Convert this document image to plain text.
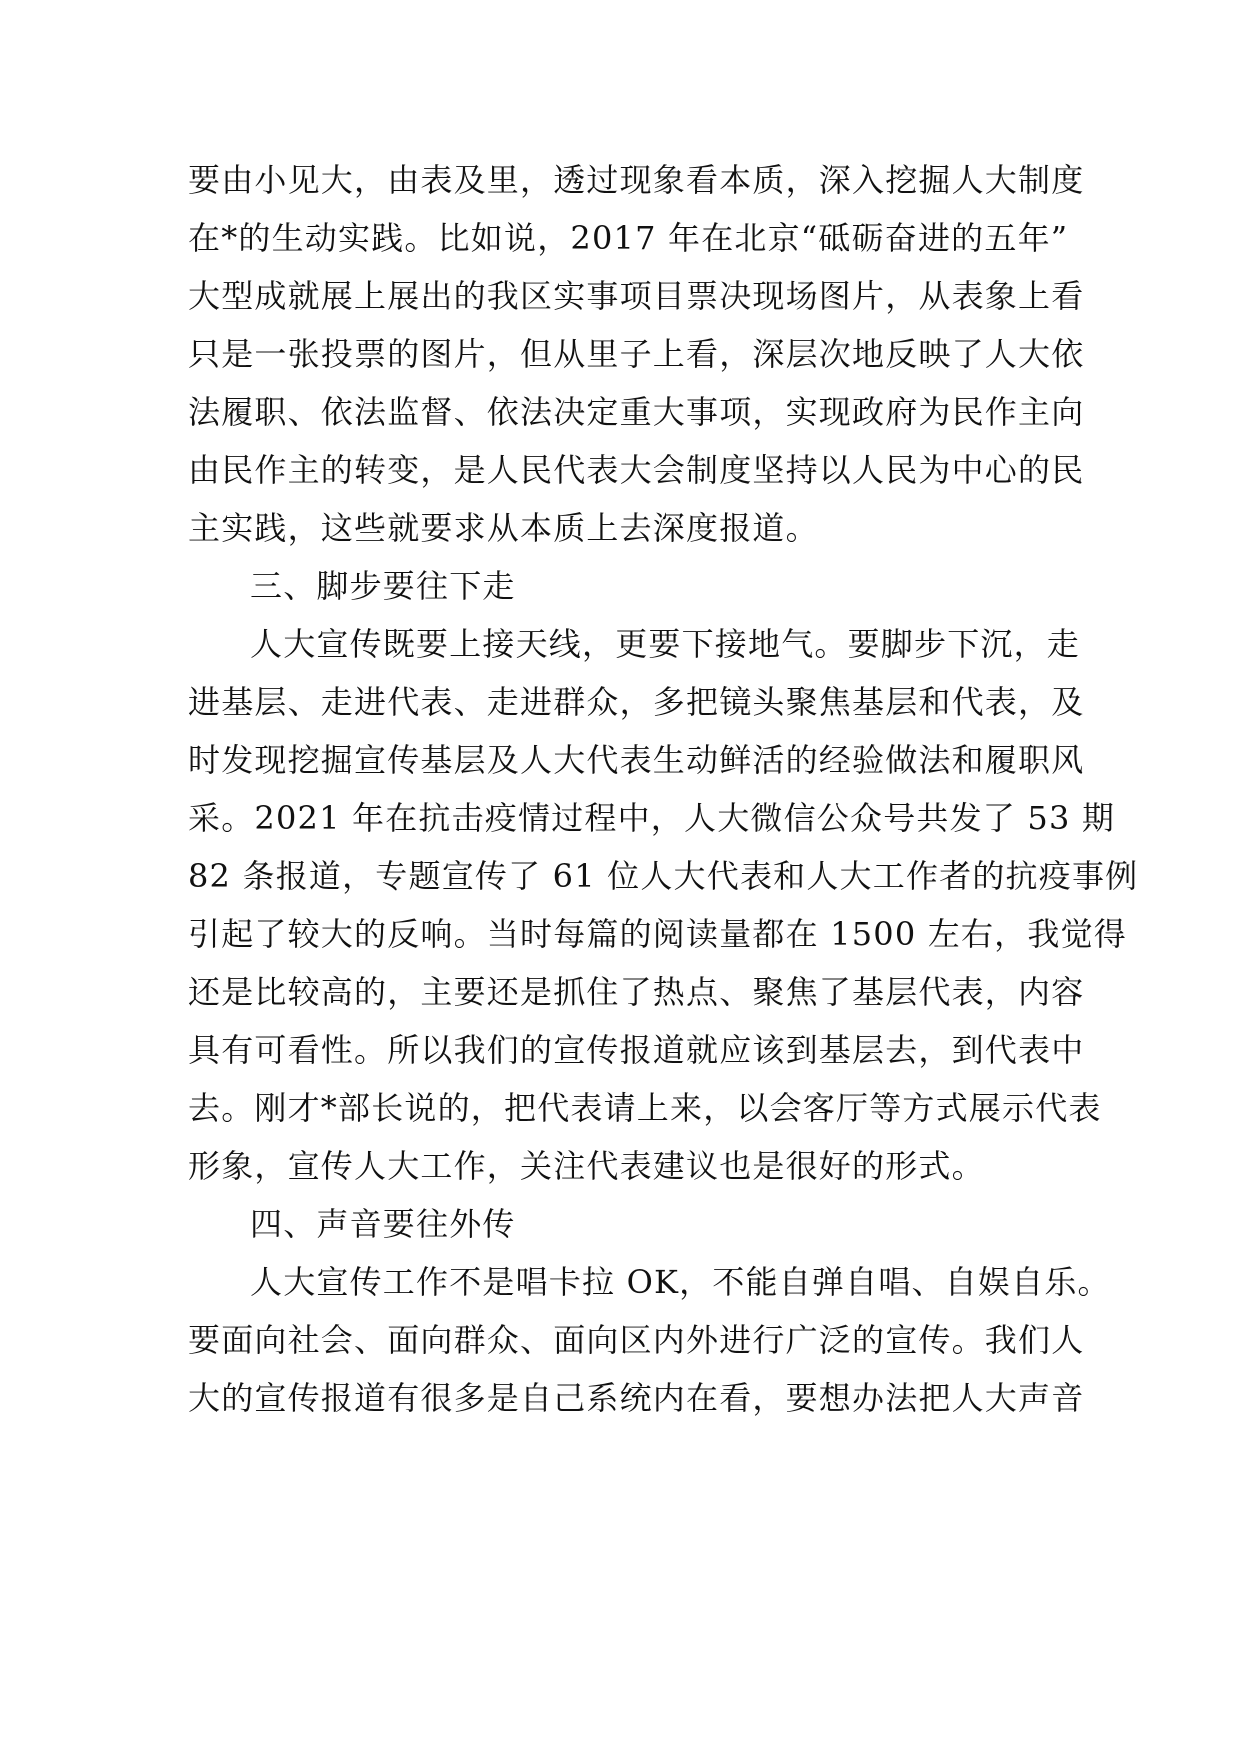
要由小见大，由表及里，透过现象看本质，深入挖掘人大制度
在*的生动实践。比如说，2017 年在北京“砥砺奋进的五年”
大型成就展上展出的我区实事项目票决现场图片，从表象上看
只是一张投票的图片，但从里子上看，深层次地反映了人大依
法履职、依法监督、依法决定重大事项，实现政府为民作主向
由民作主的转变，是人民代表大会制度坚持以人民为中心的民
主实践，这些就要求从本质上去深度报道。
三、脚步要往下走
人大宣传既要上接天线，更要下接地气。要脚步下沉，走
进基层、走进代表、走进群众，多把镜头聚焦基层和代表，及
时发现挖掘宣传基层及人大代表生动鲜活的经验做法和履职风
采。2021 年在抗击疫情过程中，人大微信公众号共发了 53 期
82 条报道，专题宣传了 61 位人大代表和人大工作者的抗疫事例
引起了较大的反响。当时每篇的阅读量都在 1500 左右，我觉得
还是比较高的，主要还是抓住了热点、聚焦了基层代表，内容
具有可看性。所以我们的宣传报道就应该到基层去，到代表中
去。刚才*部长说的，把代表请上来，以会客厅等方式展示代表
形象，宣传人大工作，关注代表建议也是很好的形式。
四、声音要往外传
人大宣传工作不是唱卡拉 OK，不能自弹自唱、自娱自乐。
要面向社会、面向群众、面向区内外进行广泛的宣传。我们人
大的宣传报道有很多是自己系统内在看，要想办法把人大声音
